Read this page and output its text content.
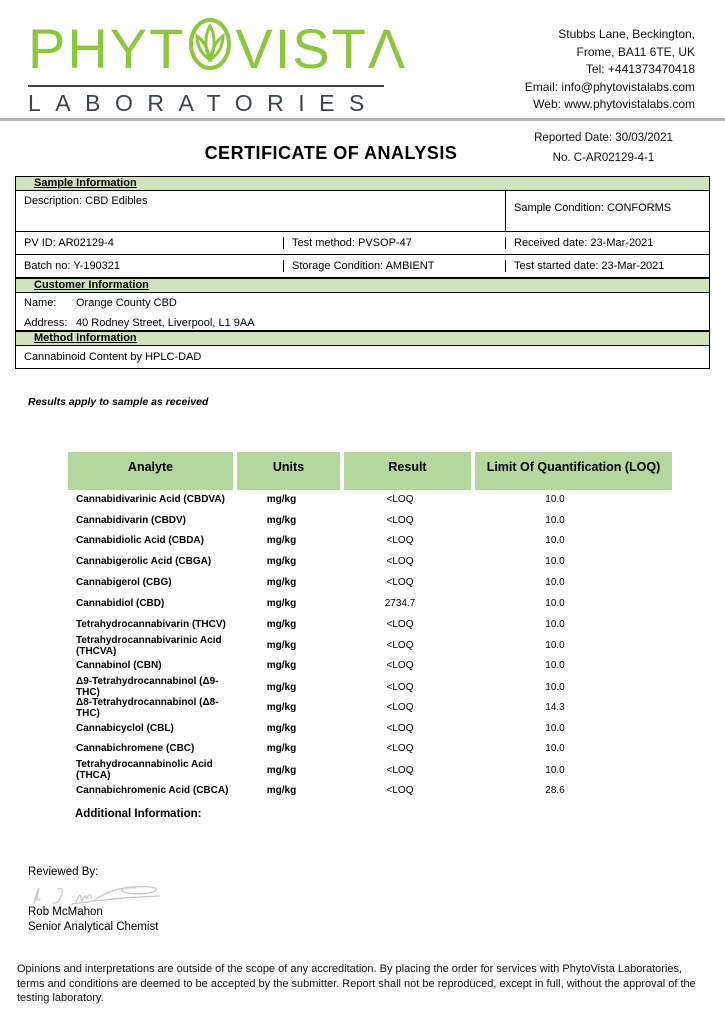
PHYT VIST Λ
LABORATORIES
Stubbs Lane, Beckington,
Frome, BA11 6TE, UK
Tel: +441373470418
Email: info@phytovistalabs.com
Web: www.phytovistalabs.com
Reported Date: 30/03/2021
No. C-AR02129-4-1
CERTIFICATE OF ANALYSIS
Sample Information
Description: CBD Edibles
Sample Condition: CONFORMS
PV ID: AR02129-4	Test method: PVSOP-47	Received date: 23-Mar-2021
Batch no: Y-190321	Storage Condition: AMBIENT	Test started date: 23-Mar-2021
Customer Information
Name: Orange County CBD
Address: 40 Rodney Street, Liverpool, L1 9AA
Method Information
Cannabinoid Content by HPLC-DAD
Results apply to sample as received
Analyte	Units	Result	Limit Of Quantification (LOQ)
Cannabidivarinic Acid (CBDVA)	mg/kg	<LOQ	10.0
Cannabidivarin (CBDV)	mg/kg	<LOQ	10.0
Cannabidiolic Acid (CBDA)	mg/kg	<LOQ	10.0
Cannabigerolic Acid (CBGA)	mg/kg	<LOQ	10.0
Cannabigerol (CBG)	mg/kg	<LOQ	10.0
Cannabidiol (CBD)	mg/kg	2734.7	10.0
Tetrahydrocannabivarin (THCV)	mg/kg	<LOQ	10.0
Tetrahydrocannabivarinic Acid (THCVA)	mg/kg	<LOQ	10.0
Cannabinol (CBN)	mg/kg	<LOQ	10.0
Δ9-Tetrahydrocannabinol (Δ9-THC)	mg/kg	<LOQ	10.0
Δ8-Tetrahydrocannabinol (Δ8-THC)	mg/kg	<LOQ	14.3
Cannabicyclol (CBL)	mg/kg	<LOQ	10.0
Cannabichromene (CBC)	mg/kg	<LOQ	10.0
Tetrahydrocannabinolic Acid (THCA)	mg/kg	<LOQ	10.0
Cannabichromenic Acid (CBCA)	mg/kg	<LOQ	28.6
Additional Information:
Reviewed By:
Rob McMahon
Senior Analytical Chemist
Opinions and interpretations are outside of the scope of any accreditation. By placing the order for services with PhytoVista Laboratories, terms and conditions are deemed to be accepted by the submitter. Report shall not be reproduced, except in full, without the approval of the testing laboratory.
